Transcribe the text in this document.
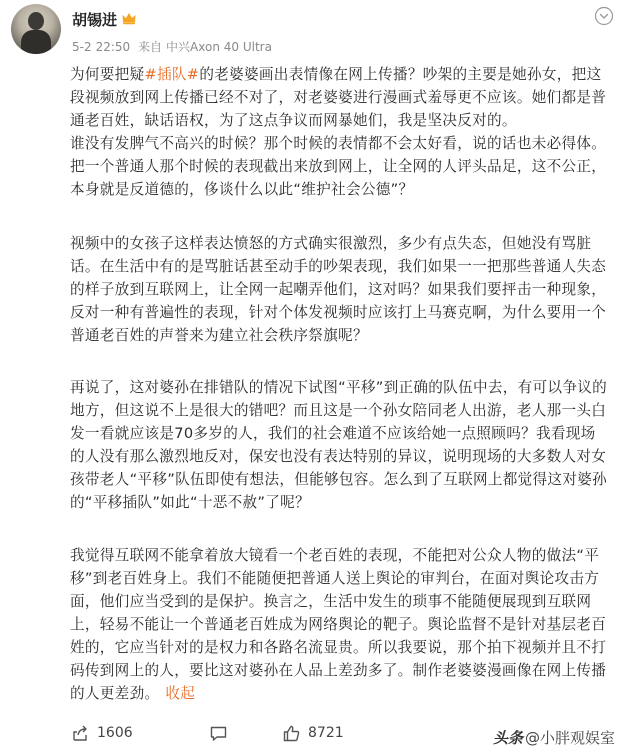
胡锡进
5-2 22:50 来自 中兴Axon 40 Ultra
为何要把疑#插队#的老婆婆画出表情像在网上传播？吵架的主要是她孙女，把这
段视频放到网上传播已经不对了，对老婆婆进行漫画式羞辱更不应该。她们都是普
通老百姓，缺话语权，为了这点争议而网暴她们，我是坚决反对的。
谁没有发脾气不高兴的时候？那个时候的表情都不会太好看，说的话也未必得体。
把一个普通人那个时候的表现截出来放到网上，让全网的人评头品足，这不公正，
本身就是反道德的，侈谈什么以此“维护社会公德”？
视频中的女孩子这样表达愤怒的方式确实很激烈，多少有点失态，但她没有骂脏
话。在生活中有的是骂脏话甚至动手的吵架表现，我们如果一一把那些普通人失态
的样子放到互联网上，让全网一起嘲弄他们，这对吗？如果我们要抨击一种现象，
反对一种有普遍性的表现，针对个体发视频时应该打上马赛克啊，为什么要用一个
普通老百姓的声誉来为建立社会秩序祭旗呢？
再说了，这对婆孙在排错队的情况下试图“平移”到正确的队伍中去，有可以争议的
地方，但这说不上是很大的错吧？而且这是一个孙女陪同老人出游，老人那一头白
发一看就应该是70多岁的人，我们的社会难道不应该给她一点照顾吗？我看现场
的人没有那么激烈地反对，保安也没有表达特别的异议，说明现场的大多数人对女
孩带老人“平移”队伍即使有想法，但能够包容。怎么到了互联网上都觉得这对婆孙
的“平移插队”如此“十恶不赦”了呢？
我觉得互联网不能拿着放大镜看一个老百姓的表现，不能把对公众人物的做法“平
移”到老百姓身上。我们不能随便把普通人送上舆论的审判台，在面对舆论攻击方
面，他们应当受到的是保护。换言之，生活中发生的琐事不能随便展现到互联网
上，轻易不能让一个普通老百姓成为网络舆论的靶子。舆论监督不是针对基层老百
姓的，它应当针对的是权力和各路名流显贵。所以我要说，那个拍下视频并且不打
码传到网上的人，要比这对婆孙在人品上差劲多了。制作老婆婆漫画像在网上传播
的人更差劲。 收起
1606	8721	头条 @小胖观娱室
